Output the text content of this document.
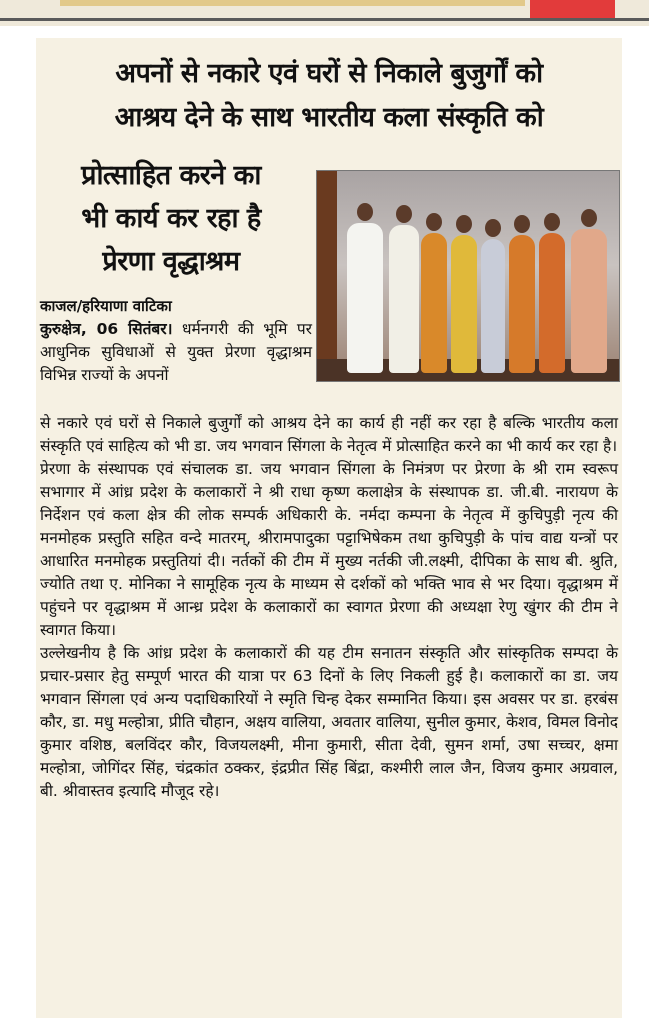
अपनों से नकारे एवं घरों से निकाले बुजुर्गों को
आश्रय देने के साथ भारतीय कला संस्कृति को
प्रोत्साहित करने का
भी कार्य कर रहा है
प्रेरणा वृद्धाश्रम
काजल/हरियाणा वाटिका
कुरुक्षेत्र, 06 सितंबर। धर्मनगरी की भूमि पर आधुनिक सुविधाओं से युक्त प्रेरणा वृद्धाश्रम विभिन्न राज्यों के अपनों

से नकारे एवं घरों से निकाले बुजुर्गों को आश्रय देने का कार्य ही नहीं कर रहा है बल्कि भारतीय कला संस्कृति एवं साहित्य को भी डा. जय भगवान सिंगला के नेतृत्व में प्रोत्साहित करने का भी कार्य कर रहा है।

प्रेरणा के संस्थापक एवं संचालक डा. जय भगवान सिंगला के निमंत्रण पर प्रेरणा के श्री राम स्वरूप सभागार में आंध्र प्रदेश के कलाकारों ने श्री राधा कृष्ण कलाक्षेत्र के संस्थापक डा. जी.बी. नारायण के निर्देशन एवं कला क्षेत्र की लोक सम्पर्क अधिकारी के. नर्मदा कम्पना के नेतृत्व में कुचिपुड़ी नृत्य की मनमोहक प्रस्तुति सहित वन्दे मातरम्, श्रीरामपादुका पट्टाभिषेकम तथा कुचिपुड़ी के पांच वाद्य यन्त्रों पर आधारित मनमोहक प्रस्तुतियां दी। नर्तकों की टीम में मुख्य नर्तकी जी.लक्ष्मी, दीपिका के साथ बी. श्रुति, ज्योति तथा ए. मोनिका ने सामूहिक नृत्य के माध्यम से दर्शकों को भक्ति भाव से भर दिया। वृद्धाश्रम में पहुंचने पर वृद्धाश्रम में आन्ध्र प्रदेश के कलाकारों का स्वागत प्रेरणा की अध्यक्षा रेणु खुंगर की टीम ने स्वागत किया।

उल्लेखनीय है कि आंध्र प्रदेश के कलाकारों की यह टीम सनातन संस्कृति और सांस्कृतिक सम्पदा के प्रचार-प्रसार हेतु सम्पूर्ण भारत की यात्रा पर 63 दिनों के लिए निकली हुई है। कलाकारों का डा. जय भगवान सिंगला एवं अन्य पदाधिकारियों ने स्मृति चिन्ह देकर सम्मानित किया। इस अवसर पर डा. हरबंस कौर, डा. मधु मल्होत्रा, प्रीति चौहान, अक्षय वालिया, अवतार वालिया, सुनील कुमार, केशव, विमल विनोद कुमार वशिष्ठ, बलविंदर कौर, विजयलक्ष्मी, मीना कुमारी, सीता देवी, सुमन शर्मा, उषा सच्चर, क्षमा मल्होत्रा, जोगिंदर सिंह, चंद्रकांत ठक्कर, इंद्रप्रीत सिंह बिंद्रा, कश्मीरी लाल जैन, विजय कुमार अग्रवाल, बी. श्रीवास्तव इत्यादि मौजूद रहे।
